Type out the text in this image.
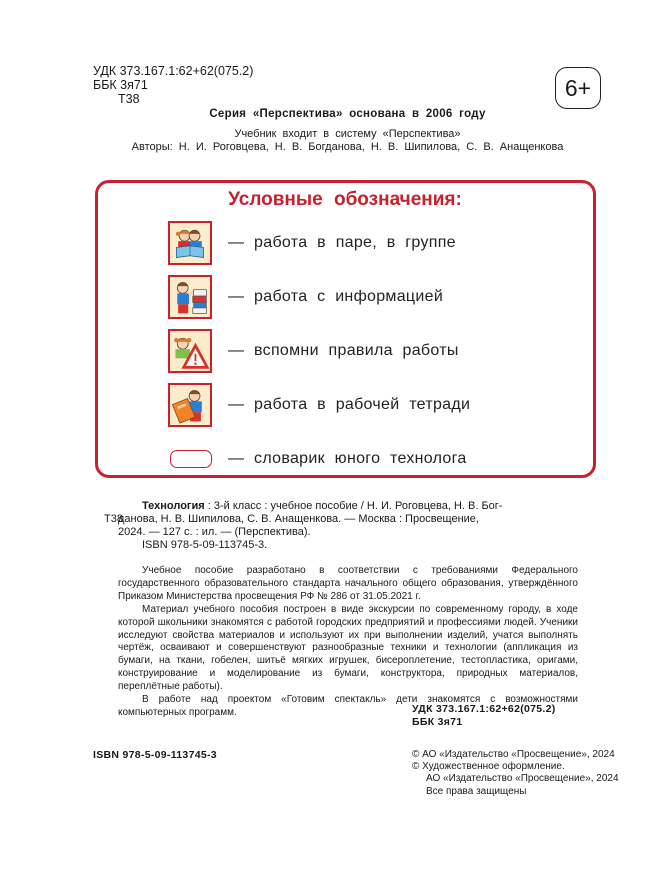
УДК 373.167.1:62+62(075.2)
ББК 3я71
Т38	6+
Серия «Перспектива» основана в 2006 году
Учебник входит в систему «Перспектива»
Авторы: Н. И. Роговцева, Н. В. Богданова, Н. В. Шипилова, С. В. Анащенкова
Условные обозначения:
— работа в паре, в группе
— работа с информацией
— вспомни правила работы
— работа в рабочей тетради
— словарик юного технолога
Т38

Технология : 3-й класс : учебное пособие / Н. И. Роговцева, Н. В. Бог-

данова, Н. В. Шипилова, С. В. Анащенкова. — Москва : Просвещение,

2024. — 127 с. : ил. — (Перспектива).

ISBN 978-5-09-113745-3.

Учебное пособие разработано в соответствии с требованиями Федерального государственного образовательного стандарта начального общего образования, утверждённого Приказом Министерства просвещения РФ № 286 от 31.05.2021 г.

Материал учебного пособия построен в виде экскурсии по современному городу, в ходе которой школьники знакомятся с работой городских предприятий и профессиями людей. Ученики исследуют свойства материалов и используют их при выполнении изделий, учатся выполнять чертёж, осваивают и совершенствуют разнообразные техники и технологии (аппликация из бумаги, на ткани, гобелен, шитьё мягких игрушек, бисероплетение, тестопластика, оригами, конструирование и моделирование из бумаги, конструктора, природных материалов, переплётные работы).

В работе над проектом «Готовим спектакль» дети знакомятся с возможностями компьютерных программ.	УДК 373.167.1:62+62(075.2)
ББК 3я71
ISBN 978-5-09-113745-3	© АО «Издательство «Просвещение», 2024
© Художественное оформление.
АО «Издательство «Просвещение», 2024
Все права защищены
